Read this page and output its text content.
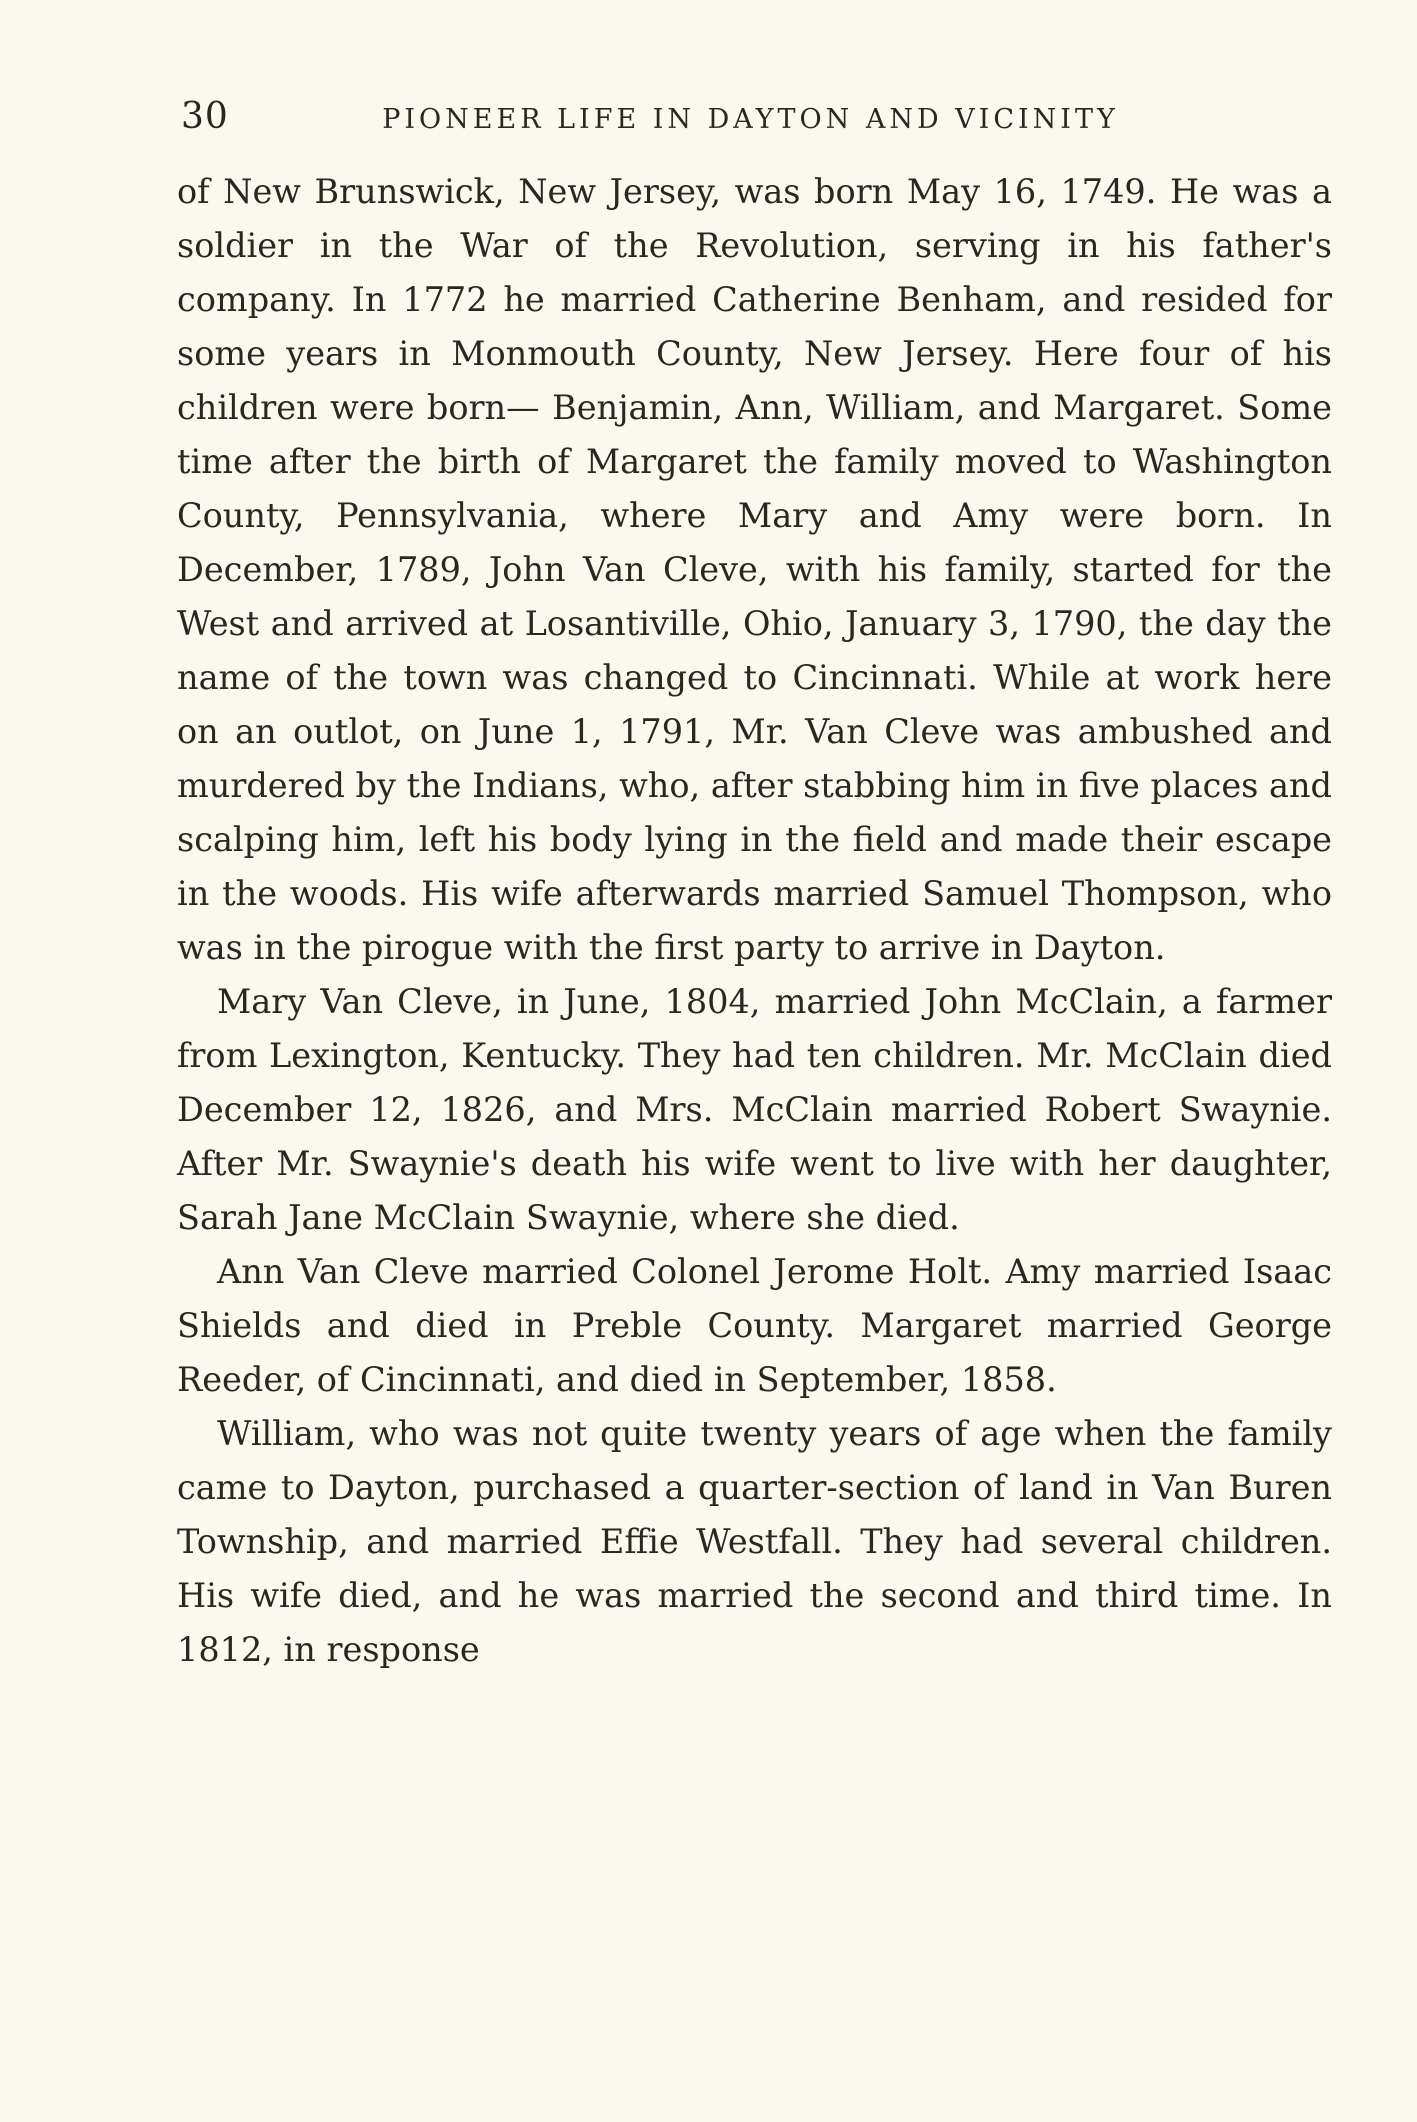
30	PIONEER LIFE IN DAYTON AND VICINITY

of New Brunswick, New Jersey, was born May 16, 1749. He was a soldier in the War of the Revolution, serving in his father's company. In 1772 he married Catherine Benham, and resided for some years in Monmouth County, New Jersey. Here four of his children were born— Benjamin, Ann, William, and Margaret. Some time after the birth of Margaret the family moved to Washington County, Pennsylvania, where Mary and Amy were born. In December, 1789, John Van Cleve, with his family, started for the West and arrived at Losantiville, Ohio, January 3, 1790, the day the name of the town was changed to Cincinnati. While at work here on an outlot, on June 1, 1791, Mr. Van Cleve was ambushed and murdered by the Indians, who, after stabbing him in five places and scalping him, left his body lying in the field and made their escape in the woods. His wife afterwards married Samuel Thompson, who was in the pirogue with the first party to arrive in Dayton.

Mary Van Cleve, in June, 1804, married John McClain, a farmer from Lexington, Kentucky. They had ten children. Mr. McClain died December 12, 1826, and Mrs. McClain married Robert Swaynie. After Mr. Swaynie's death his wife went to live with her daughter, Sarah Jane McClain Swaynie, where she died.

Ann Van Cleve married Colonel Jerome Holt. Amy married Isaac Shields and died in Preble County. Margaret married George Reeder, of Cincinnati, and died in September, 1858.

William, who was not quite twenty years of age when the family came to Dayton, purchased a quarter-section of land in Van Buren Township, and married Effie Westfall. They had several children. His wife died, and he was married the second and third time. In 1812, in response
